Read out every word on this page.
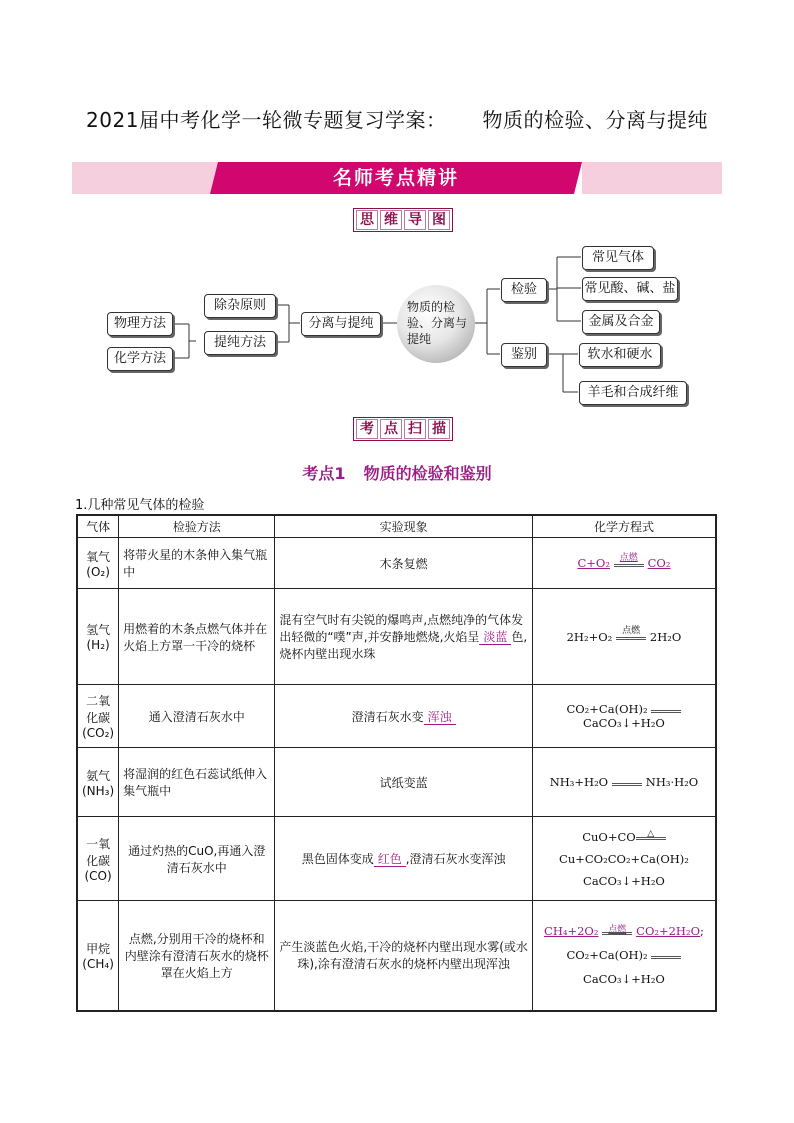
2021届中考化学一轮微专题复习学案： 物质的检验、分离与提纯
名师考点精讲
思 维 导 图
物理方法
化学方法
除杂原则
提纯方法
分离与提纯
物质的检验、分离与提纯
检验
鉴别
常见气体
常见酸、碱、盐
金属及合金
软水和硬水
羊毛和合成纤维
考 点 扫 描
考点1 物质的检验和鉴别
1.几种常见气体的检验
气体	检验方法	实验现象	化学方程式
氧气(O₂)	将带火星的木条伸入集气瓶中	木条复燃	C+O₂ 点燃 CO₂
氢气(H₂)	用燃着的木条点燃气体并在火焰上方罩一干冷的烧杯	混有空气时有尖锐的爆鸣声,点燃纯净的气体发出轻微的“噗”声,并安静地燃烧,火焰呈 淡蓝 色,烧杯内壁出现水珠	2H₂+O₂ 点燃 2H₂O
二氧化碳(CO₂)	通入澄清石灰水中	澄清石灰水变 浑浊	CO₂+Ca(OH)₂
CaCO₃↓+H₂O
氨气(NH₃)	将湿润的红色石蕊试纸伸入集气瓶中	试纸变蓝	NH₃+H₂O NH₃·H₂O
一氧化碳(CO)	通过灼热的CuO,再通入澄清石灰水中	黑色固体变成 红色 ,澄清石灰水变浑浊	CuO+CO △
Cu+CO₂CO₂+Ca(OH)₂
CaCO₃↓+H₂O

甲烷(CH₄)	点燃,分别用干冷的烧杯和内壁涂有澄清石灰水的烧杯罩在火焰上方	产生淡蓝色火焰,干冷的烧杯内壁出现水雾(或水珠),涂有澄清石灰水的烧杯内壁出现浑浊	CH₄+2O₂ 点燃 CO₂+2H₂O;
CO₂+Ca(OH)₂
CaCO₃↓+H₂O
